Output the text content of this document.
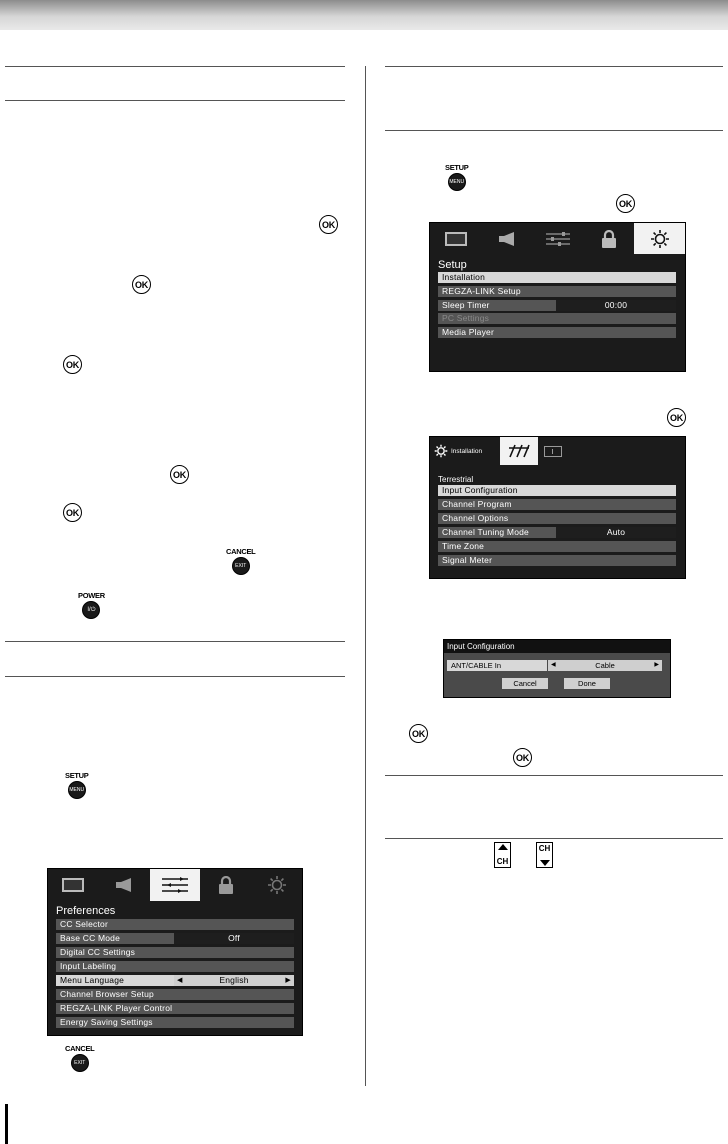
OK
OK
OK
OK
OK
CANCEL
EXIT
POWER
I/⏻
SETUP
MENU
CANCEL
EXIT
SETUP
MENU
OK
OK
OK
OK
CH
CH
Setup
Installation
REGZA-LINK Setup
Sleep Timer	00:00
PC Settings
Media Player
Installation
Terrestrial
Input Configuration
Channel Program
Channel Options
Channel Tuning Mode	Auto
Time Zone
Signal Meter
Input Configuration
ANT/CABLE In	◀	Cable	▶
Cancel	Done
Preferences
CC Selector
Base CC Mode	Off
Digital CC Settings
Input Labeling
Menu Language	◀	English	▶
Channel Browser Setup
REGZA-LINK Player Control
Energy Saving Settings
